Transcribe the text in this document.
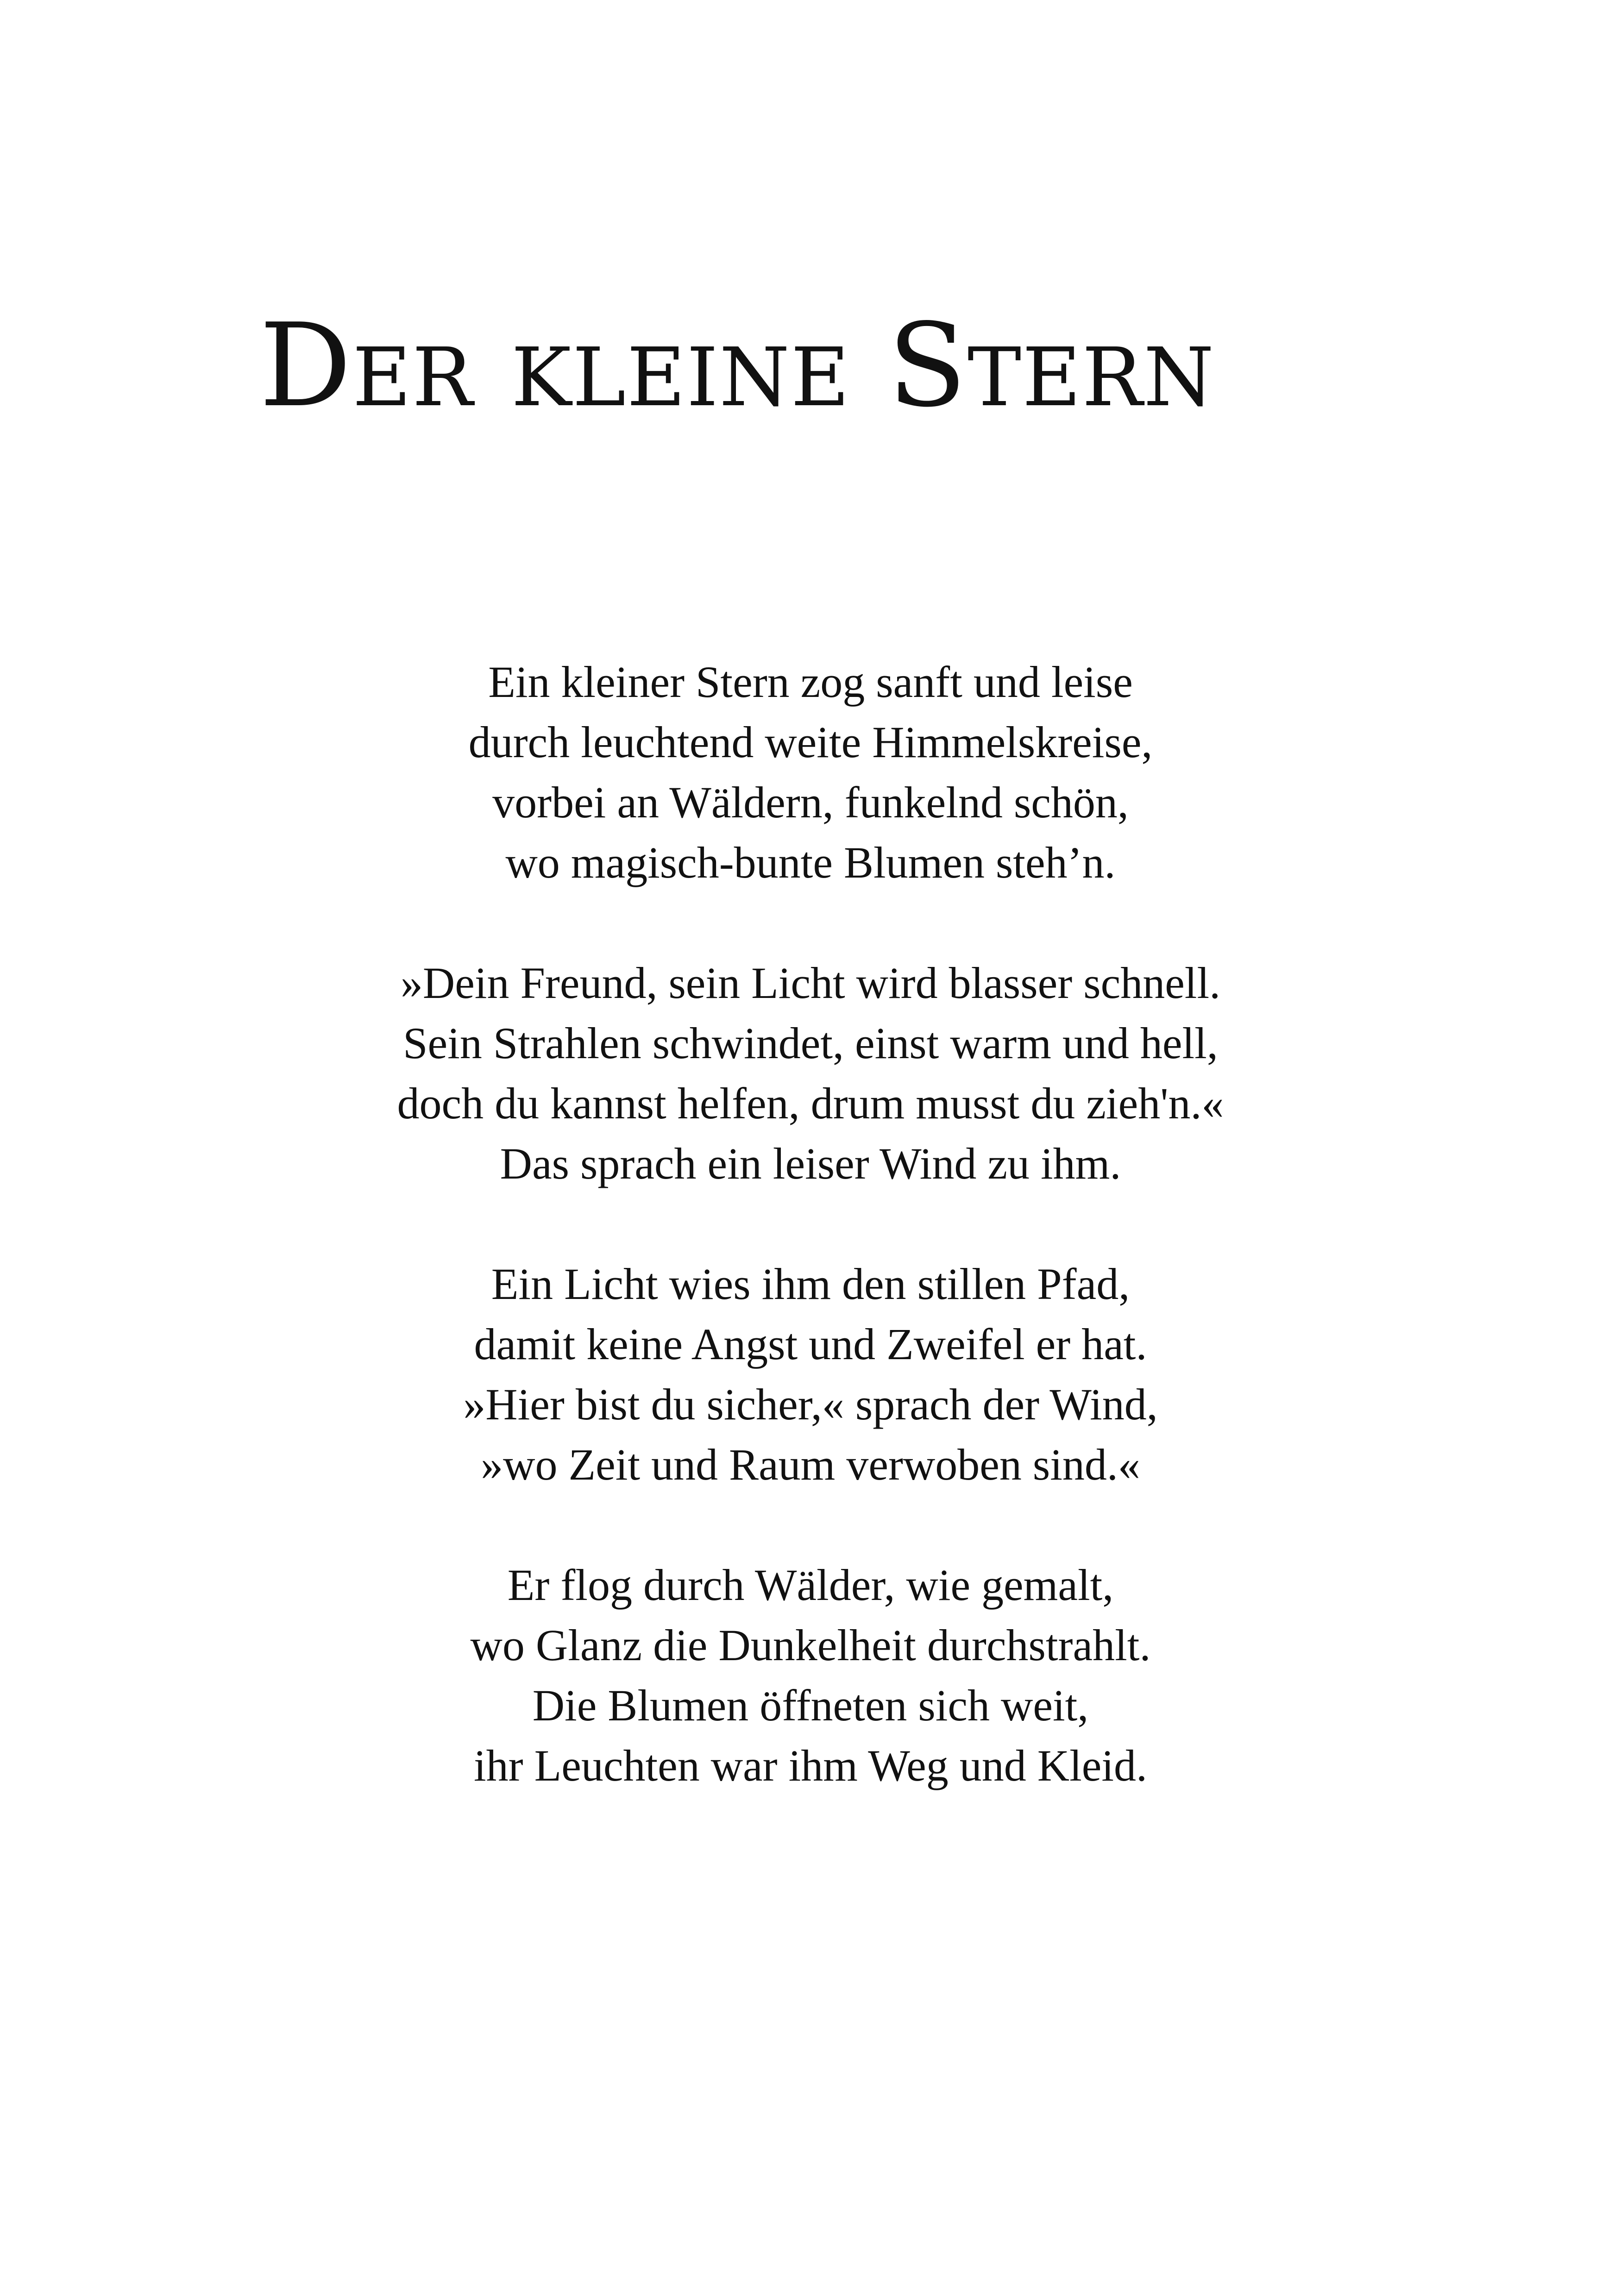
Der kleine Stern

Ein kleiner Stern zog sanft und leise
durch leuchtend weite Himmelskreise,
vorbei an Wäldern, funkelnd schön,
wo magisch-bunte Blumen steh’n.

»Dein Freund, sein Licht wird blasser schnell.
Sein Strahlen schwindet, einst warm und hell,
doch du kannst helfen, drum musst du zieh'n.«
Das sprach ein leiser Wind zu ihm.

Ein Licht wies ihm den stillen Pfad,
damit keine Angst und Zweifel er hat.
»Hier bist du sicher,« sprach der Wind,
»wo Zeit und Raum verwoben sind.«

Er flog durch Wälder, wie gemalt,
wo Glanz die Dunkelheit durchstrahlt.
Die Blumen öffneten sich weit,
ihr Leuchten war ihm Weg und Kleid.
